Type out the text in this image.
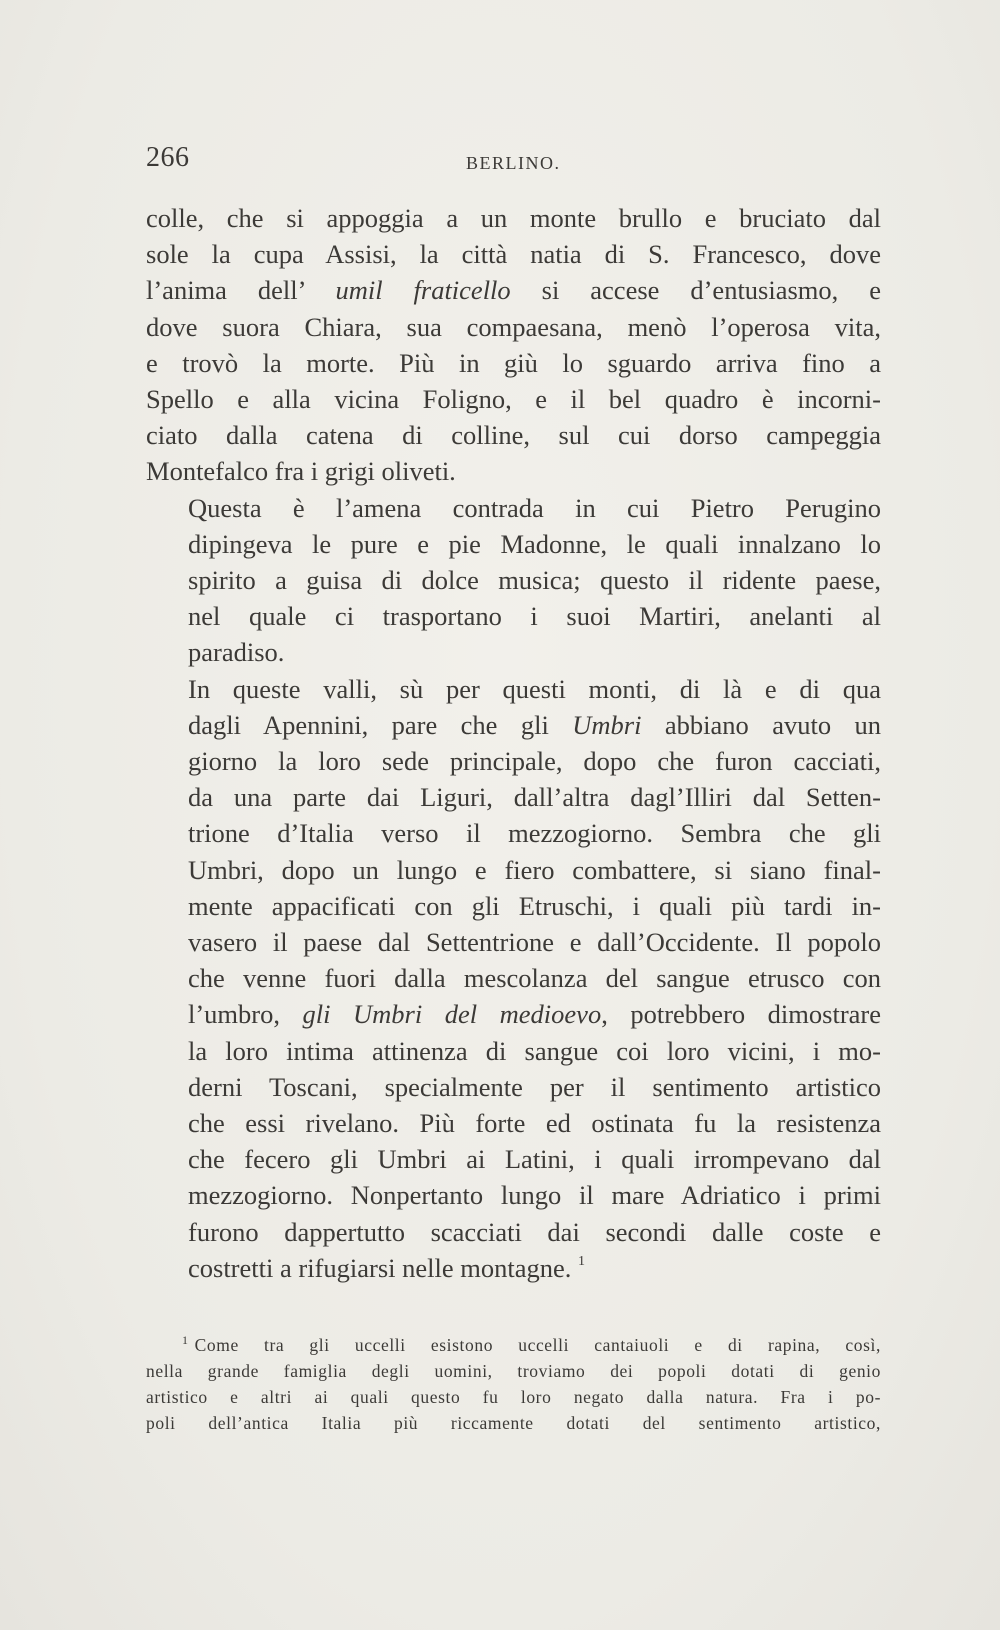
266	BERLINO.

colle, che si appoggia a un monte brullo e bruciato dal
sole la cupa Assisi, la città natia di S. Francesco, dove
l’anima dell’ umil fraticello si accese d’entusiasmo, e
dove suora Chiara, sua compaesana, menò l’operosa vita,
e trovò la morte. Più in giù lo sguardo arriva fino a
Spello e alla vicina Foligno, e il bel quadro è incorni-
ciato dalla catena di colline, sul cui dorso campeggia
Montefalco fra i grigi oliveti.

Questa è l’amena contrada in cui Pietro Perugino
dipingeva le pure e pie Madonne, le quali innalzano lo
spirito a guisa di dolce musica; questo il ridente paese,
nel quale ci trasportano i suoi Martiri, anelanti al
paradiso.

In queste valli, sù per questi monti, di là e di qua
dagli Apennini, pare che gli Umbri abbiano avuto un
giorno la loro sede principale, dopo che furon cacciati,
da una parte dai Liguri, dall’altra dagl’Illiri dal Setten-
trione d’Italia verso il mezzogiorno. Sembra che gli
Umbri, dopo un lungo e fiero combattere, si siano final-
mente appacificati con gli Etruschi, i quali più tardi in-
vasero il paese dal Settentrione e dall’Occidente. Il popolo
che venne fuori dalla mescolanza del sangue etrusco con
l’umbro, gli Umbri del medioevo, potrebbero dimostrare
la loro intima attinenza di sangue coi loro vicini, i mo-
derni Toscani, specialmente per il sentimento artistico
che essi rivelano. Più forte ed ostinata fu la resistenza
che fecero gli Umbri ai Latini, i quali irrompevano dal
mezzogiorno. Nonpertanto lungo il mare Adriatico i primi
furono dappertutto scacciati dai secondi dalle coste e
costretti a rifugiarsi nelle montagne. $^1$

$^1$ Come tra gli uccelli esistono uccelli cantaiuoli e di rapina, così,
nella grande famiglia degli uomini, troviamo dei popoli dotati di genio
artistico e altri ai quali questo fu loro negato dalla natura. Fra i po-
poli dell’antica Italia più riccamente dotati del sentimento artistico,
